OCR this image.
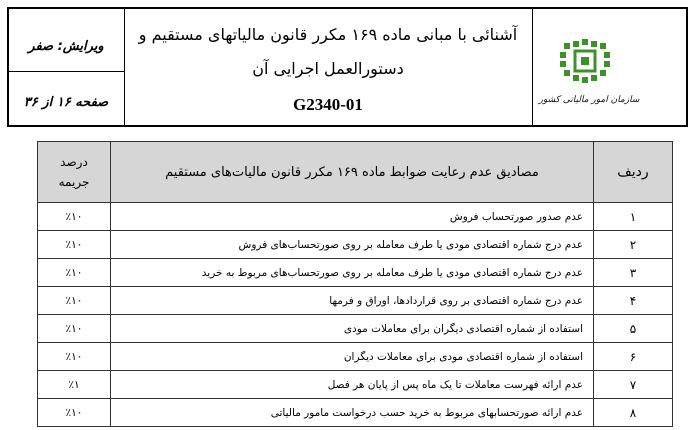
ویرایش: صفر
صفحه ۱۶ از ۳۶
آشنائی با مبانی ماده ۱۶۹ مکرر قانون مالیاتهای مستقیم و
دستورالعمل اجرایی آن
G2340-01	سازمان امور مالیاتی کشور
درصد
جریمه	مصادیق عدم رعایت ضوابط ماده ۱۶۹ مکرر قانون مالیات‌های مستقیم	ردیف
٪۱۰	عدم صدور صورتحساب فروش	۱
٪۱۰	عدم درج شماره اقتصادی مودی یا طرف معامله بر روی صورتحساب‌های فروش	۲
٪۱۰	عدم درج شماره اقتصادی مودی یا طرف معامله بر روی صورتحساب‌های مربوط به خرید	۳
٪۱۰	عدم درج شماره اقتصادی بر روی قراردادها، اوراق و فرمها	۴
٪۱۰	استفاده از شماره اقتصادی دیگران برای معاملات مودی	۵
٪۱۰	استفاده از شماره اقتصادی مودی برای معاملات دیگران	۶
٪۱	عدم ارائه فهرست معاملات تا یک ماه پس از پایان هر فصل	۷
٪۱۰	عدم ارائه صورتحسابهای مربوط به خرید حسب درخواست مامور مالیاتی	۸
